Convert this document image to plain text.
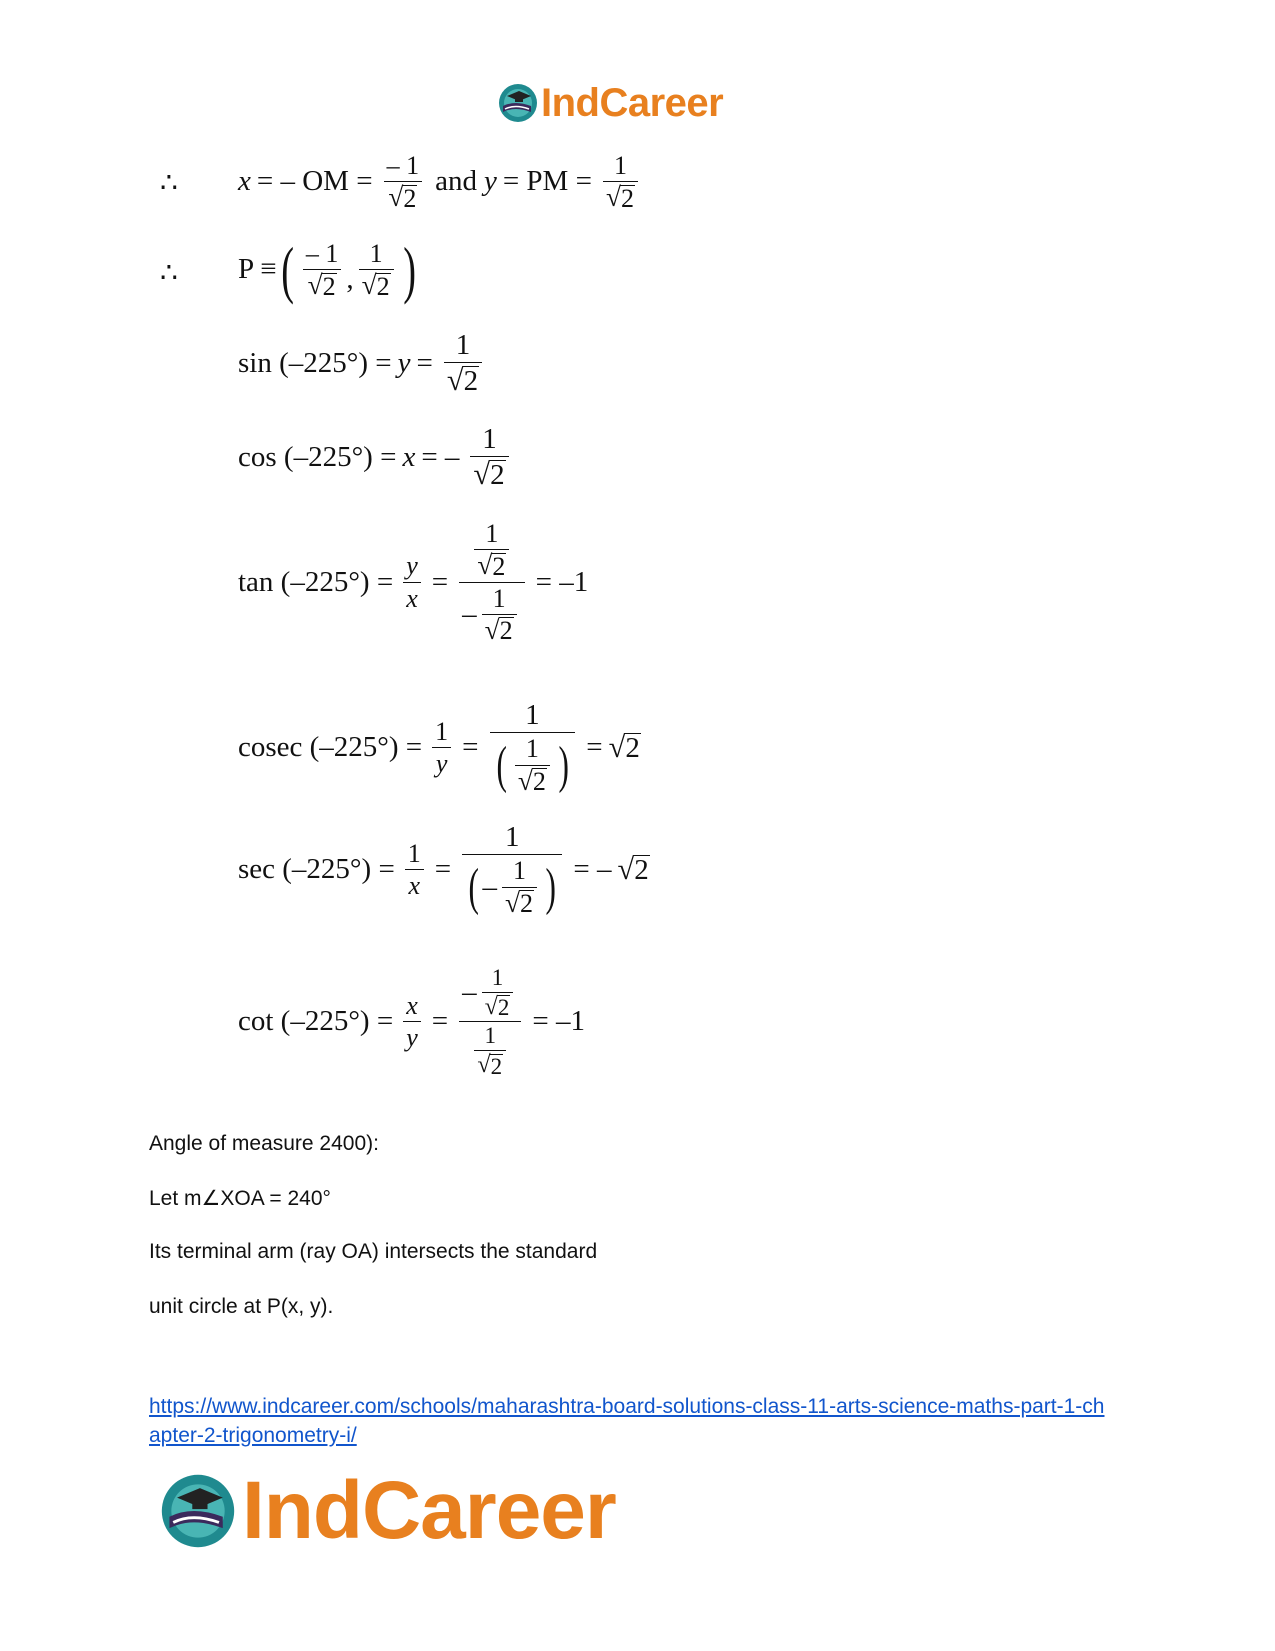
IndCareer
∴ x = – OM = $\frac{- 1}{√ 2}$ and y = PM = $\frac{1}{√ 2}$
∴ P ≡ ( $\frac{- 1}{√ 2}$ , $\frac{1}{√ 2}$ )
$\sin (-225^\circ) = y = \frac{1}{√ 2}$
cos (–225°) = x = – $\frac{1}{√ 2}$
$\tan (-225^\circ) = \frac{y}{x} = \frac{\frac{1}{√ 2}}{- \frac{1}{√ 2}} = -1$
cosec $(-225^\circ) = \frac{1}{y} = \frac{1}{( \frac{1}{√ 2} )}$ = √ 2
$\sec (-225^\circ) = \frac{1}{x} = \frac{1}{( - \frac{1}{√ 2} )}$ = – √ 2
$\cot (-225^\circ) = \frac{x}{y} = \frac{- \frac{1}{√ 2}}{\frac{1}{√ 2}} = -1$
Angle of measure 2400):
Let m∠XOA = 240°
Its terminal arm (ray OA) intersects the standard
unit circle at P(x, y).
https://www.indcareer.com/schools/maharashtra-board-solutions-class-11-arts-science-maths-part-1-chapter-2-trigonometry-i/
IndCareer
